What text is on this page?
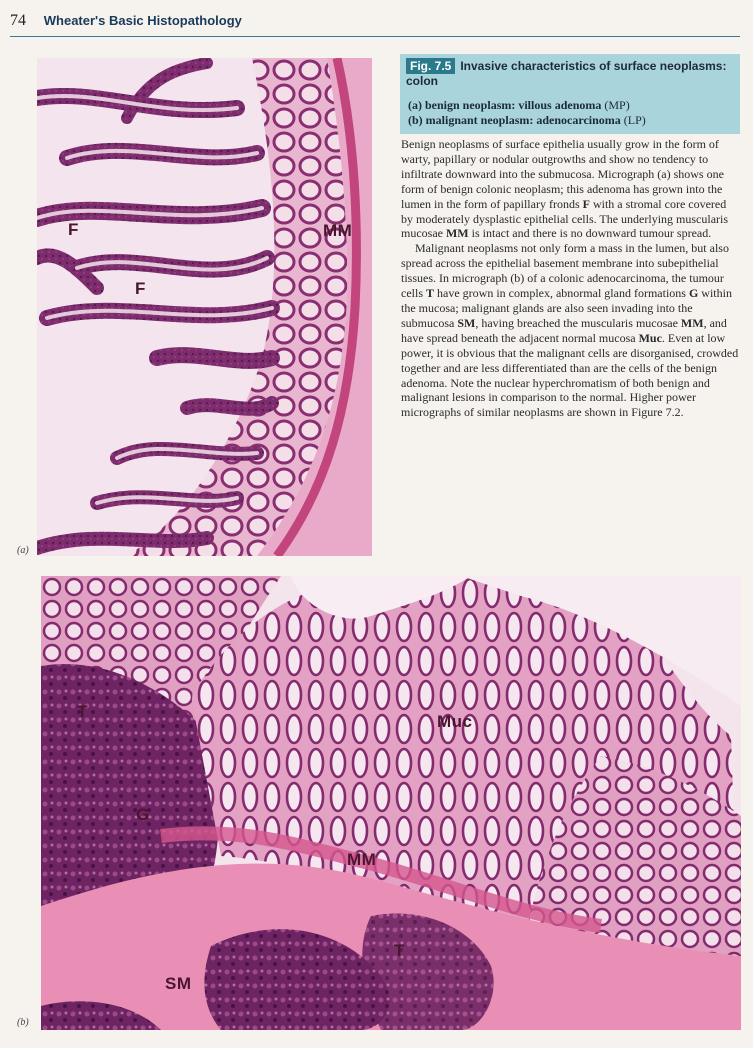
74 Wheater's Basic Histopathology
F
F
MM
(a)
Fig. 7.5 Invasive characteristics of surface neoplasms: colon
(a) benign neoplasm: villous adenoma (MP)
(b) malignant neoplasm: adenocarcinoma (LP)

Benign neoplasms of surface epithelia usually grow in the form of warty, papillary or nodular outgrowths and show no tendency to infiltrate downward into the submucosa. Micrograph (a) shows one form of benign colonic neoplasm; this adenoma has grown into the lumen in the form of papillary fronds F with a stromal core covered by moderately dysplastic epithelial cells. The underlying muscularis mucosae MM is intact and there is no downward tumour spread.

Malignant neoplasms not only form a mass in the lumen, but also spread across the epithelial basement membrane into subepithelial tissues. In micrograph (b) of a colonic adenocarcinoma, the tumour cells T have grown in complex, abnormal gland formations G within the mucosa; malignant glands are also seen invading into the submucosa SM, having breached the muscularis mucosae MM, and have spread beneath the adjacent normal mucosa Muc. Even at low power, it is obvious that the malignant cells are disorganised, crowded together and are less differentiated than are the cells of the benign adenoma. Note the nuclear hyperchromatism of both benign and malignant lesions in comparison to the normal. Higher power micrographs of similar neoplasms are shown in Figure 7.2.

T
G
Muc
MM
T
SM
(b)
